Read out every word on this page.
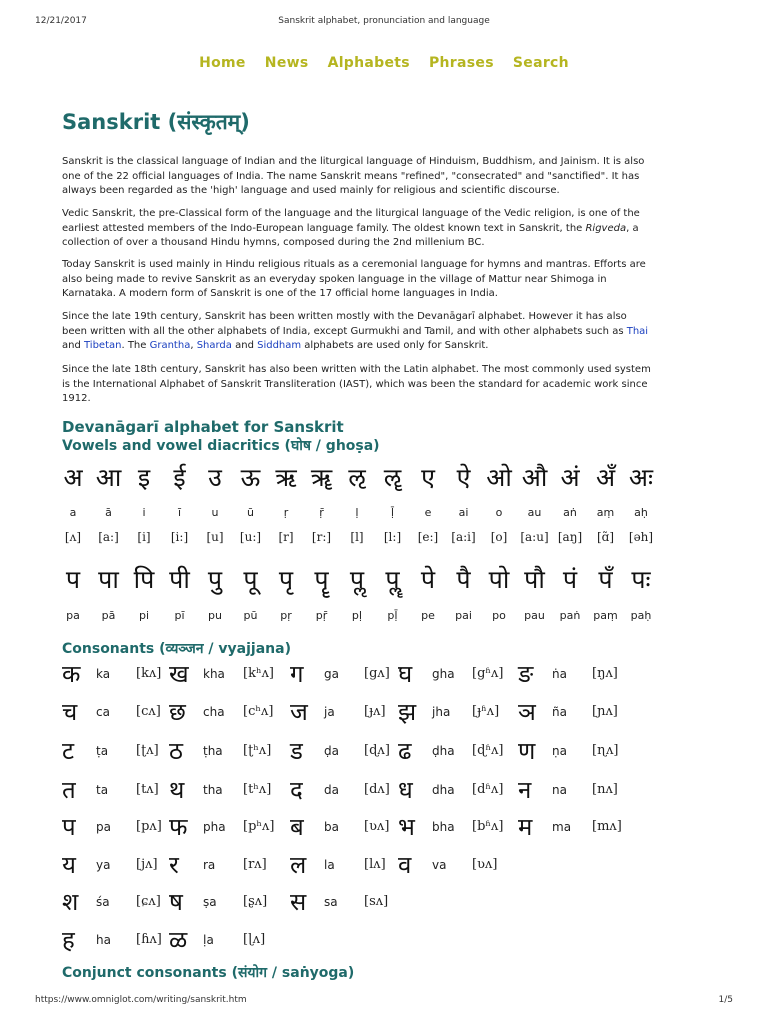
12/21/2017	Sanskrit alphabet, pronunciation and language
Home News Alphabets Phrases Search
Sanskrit (संस्कृतम्)

Sanskrit is the classical language of Indian and the liturgical language of Hinduism, Buddhism, and Jainism. It is also one of the 22 official languages of India. The name Sanskrit means "refined", "consecrated" and "sanctified". It has always been regarded as the 'high' language and used mainly for religious and scientific discourse.

Vedic Sanskrit, the pre-Classical form of the language and the liturgical language of the Vedic religion, is one of the earliest attested members of the Indo-European language family. The oldest known text in Sanskrit, the Rigveda, a collection of over a thousand Hindu hymns, composed during the 2nd millenium BC.

Today Sanskrit is used mainly in Hindu religious rituals as a ceremonial language for hymns and mantras. Efforts are also being made to revive Sanskrit as an everyday spoken language in the village of Mattur near Shimoga in Karnataka. A modern form of Sanskrit is one of the 17 official home languages in India.

Since the late 19th century, Sanskrit has been written mostly with the Devanāgarī alphabet. However it has also been written with all the other alphabets of India, except Gurmukhi and Tamil, and with other alphabets such as Thai and Tibetan. The Grantha, Sharda and Siddham alphabets are used only for Sanskrit.

Since the late 18th century, Sanskrit has also been written with the Latin alphabet. The most commonly used system is the International Alphabet of Sanskrit Transliteration (IAST), which was been the standard for academic work since 1912.

Devanāgarī alphabet for Sanskrit
Vowels and vowel diacritics (घोष / ghoṣa)
अ आ इ ई उ ऊ ऋ ॠ ऌ ॡ ए ऐ ओ औ अं अँ अः
a	ā	i	ī	u	ū	ṛ	ṝ	ḷ	ḹ	e	ai	o	au	aṅ	aṃ	aḥ
[ʌ]	[a:]	[i]	[i:]	[u]	[u:]	[r]	[r:]	[l]	[l:]	[e:]	[a:i]	[o]	[a:u] [aŋ]	[ɑ̃]	[əh]
प पा पि पी पु पू पृ पॄ पॢ पॣ पे पै पो पौ पं पँ पः
pa	pā	pi	pī	pu	pū	pṛ	pṝ	pḷ	pḹ	pe	pai	po	pau	paṅ	paṃ	paḥ
Consonants (व्यञ्जन / vyajjana)
क	ka [kʌ] ख	kha [kʰʌ] ग	ga [gʌ] घ	gha [gʱʌ] ङ	ṅa [ŋʌ]
च	ca [cʌ] छ	cha [cʰʌ] ज	ja [ɟʌ] झ	jha [ɟʱʌ] ञ	ña [ɲʌ]
ट	ṭa [ʈʌ] ठ	ṭha [ʈʰʌ] ड	ḍa [ɖʌ] ढ	ḍha [ɖʱʌ] ण	ṇa [ɳʌ]
त	ta [tʌ] थ	tha [tʰʌ] द	da [dʌ] ध	dha [dʱʌ] न	na [nʌ]
प	pa [pʌ] फ	pha [pʰʌ] ब	ba [ʋʌ] भ	bha [bʱʌ] म	ma [mʌ]
य	ya [jʌ] र	ra [rʌ] ल	la [lʌ] व	va [ʋʌ]
श	śa [ɕʌ] ष	ṣa [ʂʌ] स	sa [sʌ]
ह	ha [ɦʌ] ळ	ḷa [ɭʌ]
Conjunct consonants (संयोग / saṅyoga)
https://www.omniglot.com/writing/sanskrit.htm	1/5
